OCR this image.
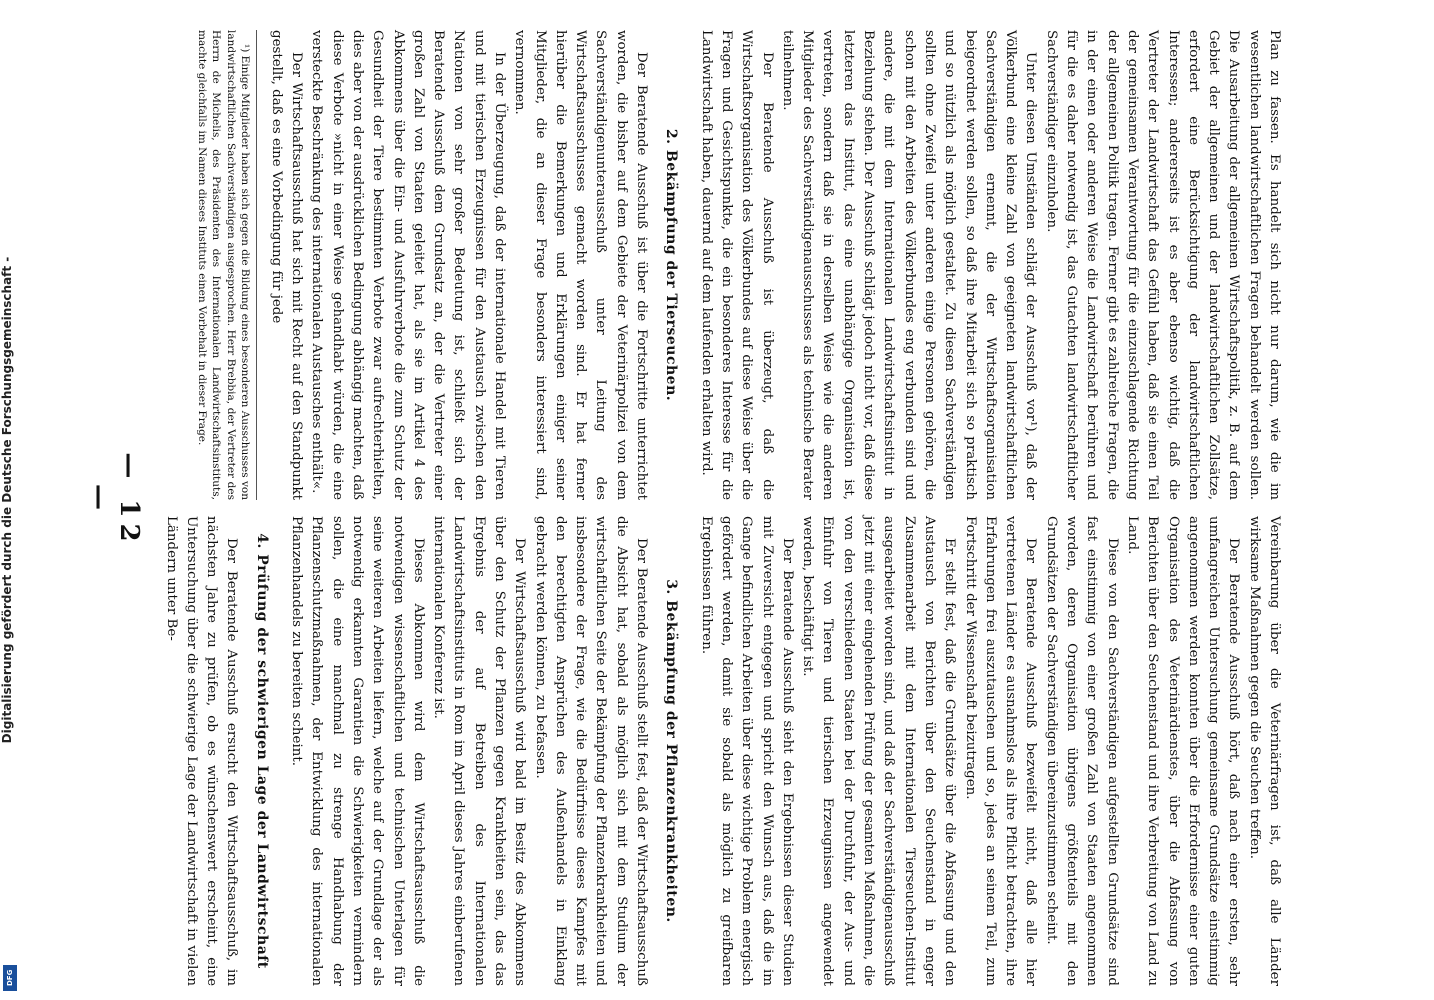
— 12 —	Plan zu fassen. Es handelt sich nicht nur darum, wie die im wesentlichen landwirtschaftlichen Fragen behandelt werden sollen. Die Ausarbeitung der allgemeinen Wirtschaftspolitik, z. B. auf dem Gebiet der allgemeinen und der landwirtschaftlichen Zollsätze, erfordert eine Berücksichtigung der landwirtschaftlichen Interessen; andererseits ist es aber ebenso wichtig, daß die Vertreter der Landwirtschaft das Gefühl haben, daß sie einen Teil der gemeinsamen Verantwortung für die einzuschlagende Richtung der allgemeinen Politik tragen. Ferner gibt es zahlreiche Fragen, die in der einen oder anderen Weise die Landwirtschaft berühren und für die es daher notwendig ist, das Gutachten landwirtschaftlicher Sachverständiger einzuholen.

Unter diesen Umständen schlägt der Ausschuß vor¹), daß der Völkerbund eine kleine Zahl von geeigneten landwirtschaftlichen Sachverständigen ernennt, die der Wirtschaftsorganisation beigeordnet werden sollen, so daß ihre Mitarbeit sich so praktisch und so nützlich als möglich gestaltet. Zu diesen Sachverständigen sollten ohne Zweifel unter anderen einige Personen gehören, die schon mit den Arbeiten des Völkerbundes eng verbunden sind und andere, die mit dem Internationalen Landwirtschaftsinstitut in Beziehung stehen. Der Ausschuß schlägt jedoch nicht vor, daß diese letzteren das Institut, das eine unabhängige Organisation ist, vertreten, sondern daß sie in derselben Weise wie die anderen Mitglieder des Sachverständigenausschusses als technische Berater teilnehmen.

Der Beratende Ausschuß ist überzeugt, daß die Wirtschaftsorganisation des Völkerbundes auf diese Weise über die Fragen und Gesichtspunkte, die ein besonderes Interesse für die Landwirtschaft haben, dauernd auf dem laufenden erhalten wird.

2. Bekämpfung der Tierseuchen.

Der Beratende Ausschuß ist über die Fortschritte unterrichtet worden, die bisher auf dem Gebiete der Veterinärpolizei von dem Sachverständigenunterausschuß unter Leitung des Wirtschaftsausschusses gemacht worden sind. Er hat ferner hierüber die Bemerkungen und Erklärungen einiger seiner Mitglieder, die an dieser Frage besonders interessiert sind, vernommen.

In der Überzeugung, daß der internationale Handel mit Tieren und mit tierischen Erzeugnissen für den Austausch zwischen den Nationen von sehr großer Bedeutung ist, schließt sich der Beratende Ausschuß dem Grundsatz an, der die Vertreter einer großen Zahl von Staaten geleitet hat, als sie im Artikel 4 des Abkommens über die Ein- und Ausfuhrverbote die zum Schutz der Gesundheit der Tiere bestimmten Verbote zwar aufrechterhielten, dies aber von der ausdrücklichen Bedingung abhängig machten, daß diese Verbote »nicht in einer Weise gehandhabt würden, die eine versteckte Beschränkung des internationalen Austausches enthält«.

Der Wirtschaftsausschuß hat sich mit Recht auf den Standpunkt gestellt, daß es eine Vorbedingung für jede

¹) Einige Mitglieder haben sich gegen die Bildung eines besonderen Ausschusses von landwirtschaftlichen Sachverständigen ausgesprochen. Herr Brebbia, der Vertreter des Herrn de Michelis, des Präsidenten des Internationalen Landwirtschaftsinstituts, machte gleichfalls im Namen dieses Instituts einen Vorbehalt in dieser Frage.

Vereinbarung über die Veterinärfragen ist, daß alle Länder wirksame Maßnahmen gegen die Seuchen treffen.

Der Beratende Ausschuß hört, daß nach einer ersten, sehr umfangreichen Untersuchung gemeinsame Grundsätze einstimmig angenommen werden konnten über die Erfordernisse einer guten Organisation des Veterinärdienstes, über die Abfassung von Berichten über den Seuchenstand und ihre Verbreitung von Land zu Land.

Diese von den Sachverständigen aufgestellten Grundsätze sind fast einstimmig von einer großen Zahl von Staaten angenommen worden, deren Organisation übrigens größtenteils mit den Grundsätzen der Sachverständigen übereinzustimmen scheint.

Der Beratende Ausschuß bezweifelt nicht, daß alle hier vertretenen Länder es ausnahmslos als ihre Pflicht betrachten, ihre Erfahrungen frei auszutauschen und so, jedes an seinem Teil, zum Fortschritt der Wissenschaft beizutragen.

Er stellt fest, daß die Grundsätze über die Abfassung und den Austausch von Berichten über den Seuchenstand in enger Zusammenarbeit mit dem Internationalen Tierseuchen-Institut ausgearbeitet worden sind, und daß der Sachverständigenausschuß jetzt mit einer eingehenden Prüfung der gesamten Maßnahmen, die von den verschiedenen Staaten bei der Durchfuhr, der Aus- und Einfuhr von Tieren und tierischen Erzeugnissen angewendet werden, beschäftigt ist.

Der Beratende Ausschuß sieht den Ergebnissen dieser Studien mit Zuversicht entgegen und spricht den Wunsch aus, daß die im Gange befindlichen Arbeiten über diese wichtige Problem energisch gefördert werden, damit sie sobald als möglich zu greifbaren Ergebnissen führen.

3. Bekämpfung der Pflanzenkrankheiten.

Der Beratende Ausschuß stellt fest, daß der Wirtschaftsausschuß die Absicht hat, sobald als möglich sich mit dem Studium der wirtschaftlichen Seite der Bekämpfung der Pflanzenkrankheiten und insbesondere der Frage, wie die Bedürfnisse dieses Kampfes mit den berechtigten Ansprüchen des Außenhandels in Einklang gebracht werden können, zu befassen.

Der Wirtschaftsausschuß wird bald im Besitz des Abkommens über den Schutz der Pflanzen gegen Krankheiten sein, das das Ergebnis der auf Betreiben des Internationalen Landwirtschaftsinstituts in Rom im April dieses Jahres einberufenen internationalen Konferenz ist.

Dieses Abkommen wird dem Wirtschaftsausschuß die notwendigen wissenschaftlichen und technischen Unterlagen für seine weiteren Arbeiten liefern, welche auf der Grundlage der als notwendig erkannten Garantien die Schwierigkeiten vermindern sollen, die eine manchmal zu strenge Handhabung der Pflanzenschutzmaßnahmen, der Entwicklung des internationalen Pflanzenhandels zu bereiten scheint.

4. Prüfung der schwierigen Lage der Landwirtschaft

Der Beratende Ausschuß ersucht den Wirtschaftsausschuß, im nächsten Jahre zu prüfen, ob es wünschenswert erscheint, eine Untersuchung über die schwierige Lage der Landwirtschaft in vielen Ländern unter Be-

Digitalisierung gefördert durch die Deutsche Forschungsgemeinschaft -
DFG
